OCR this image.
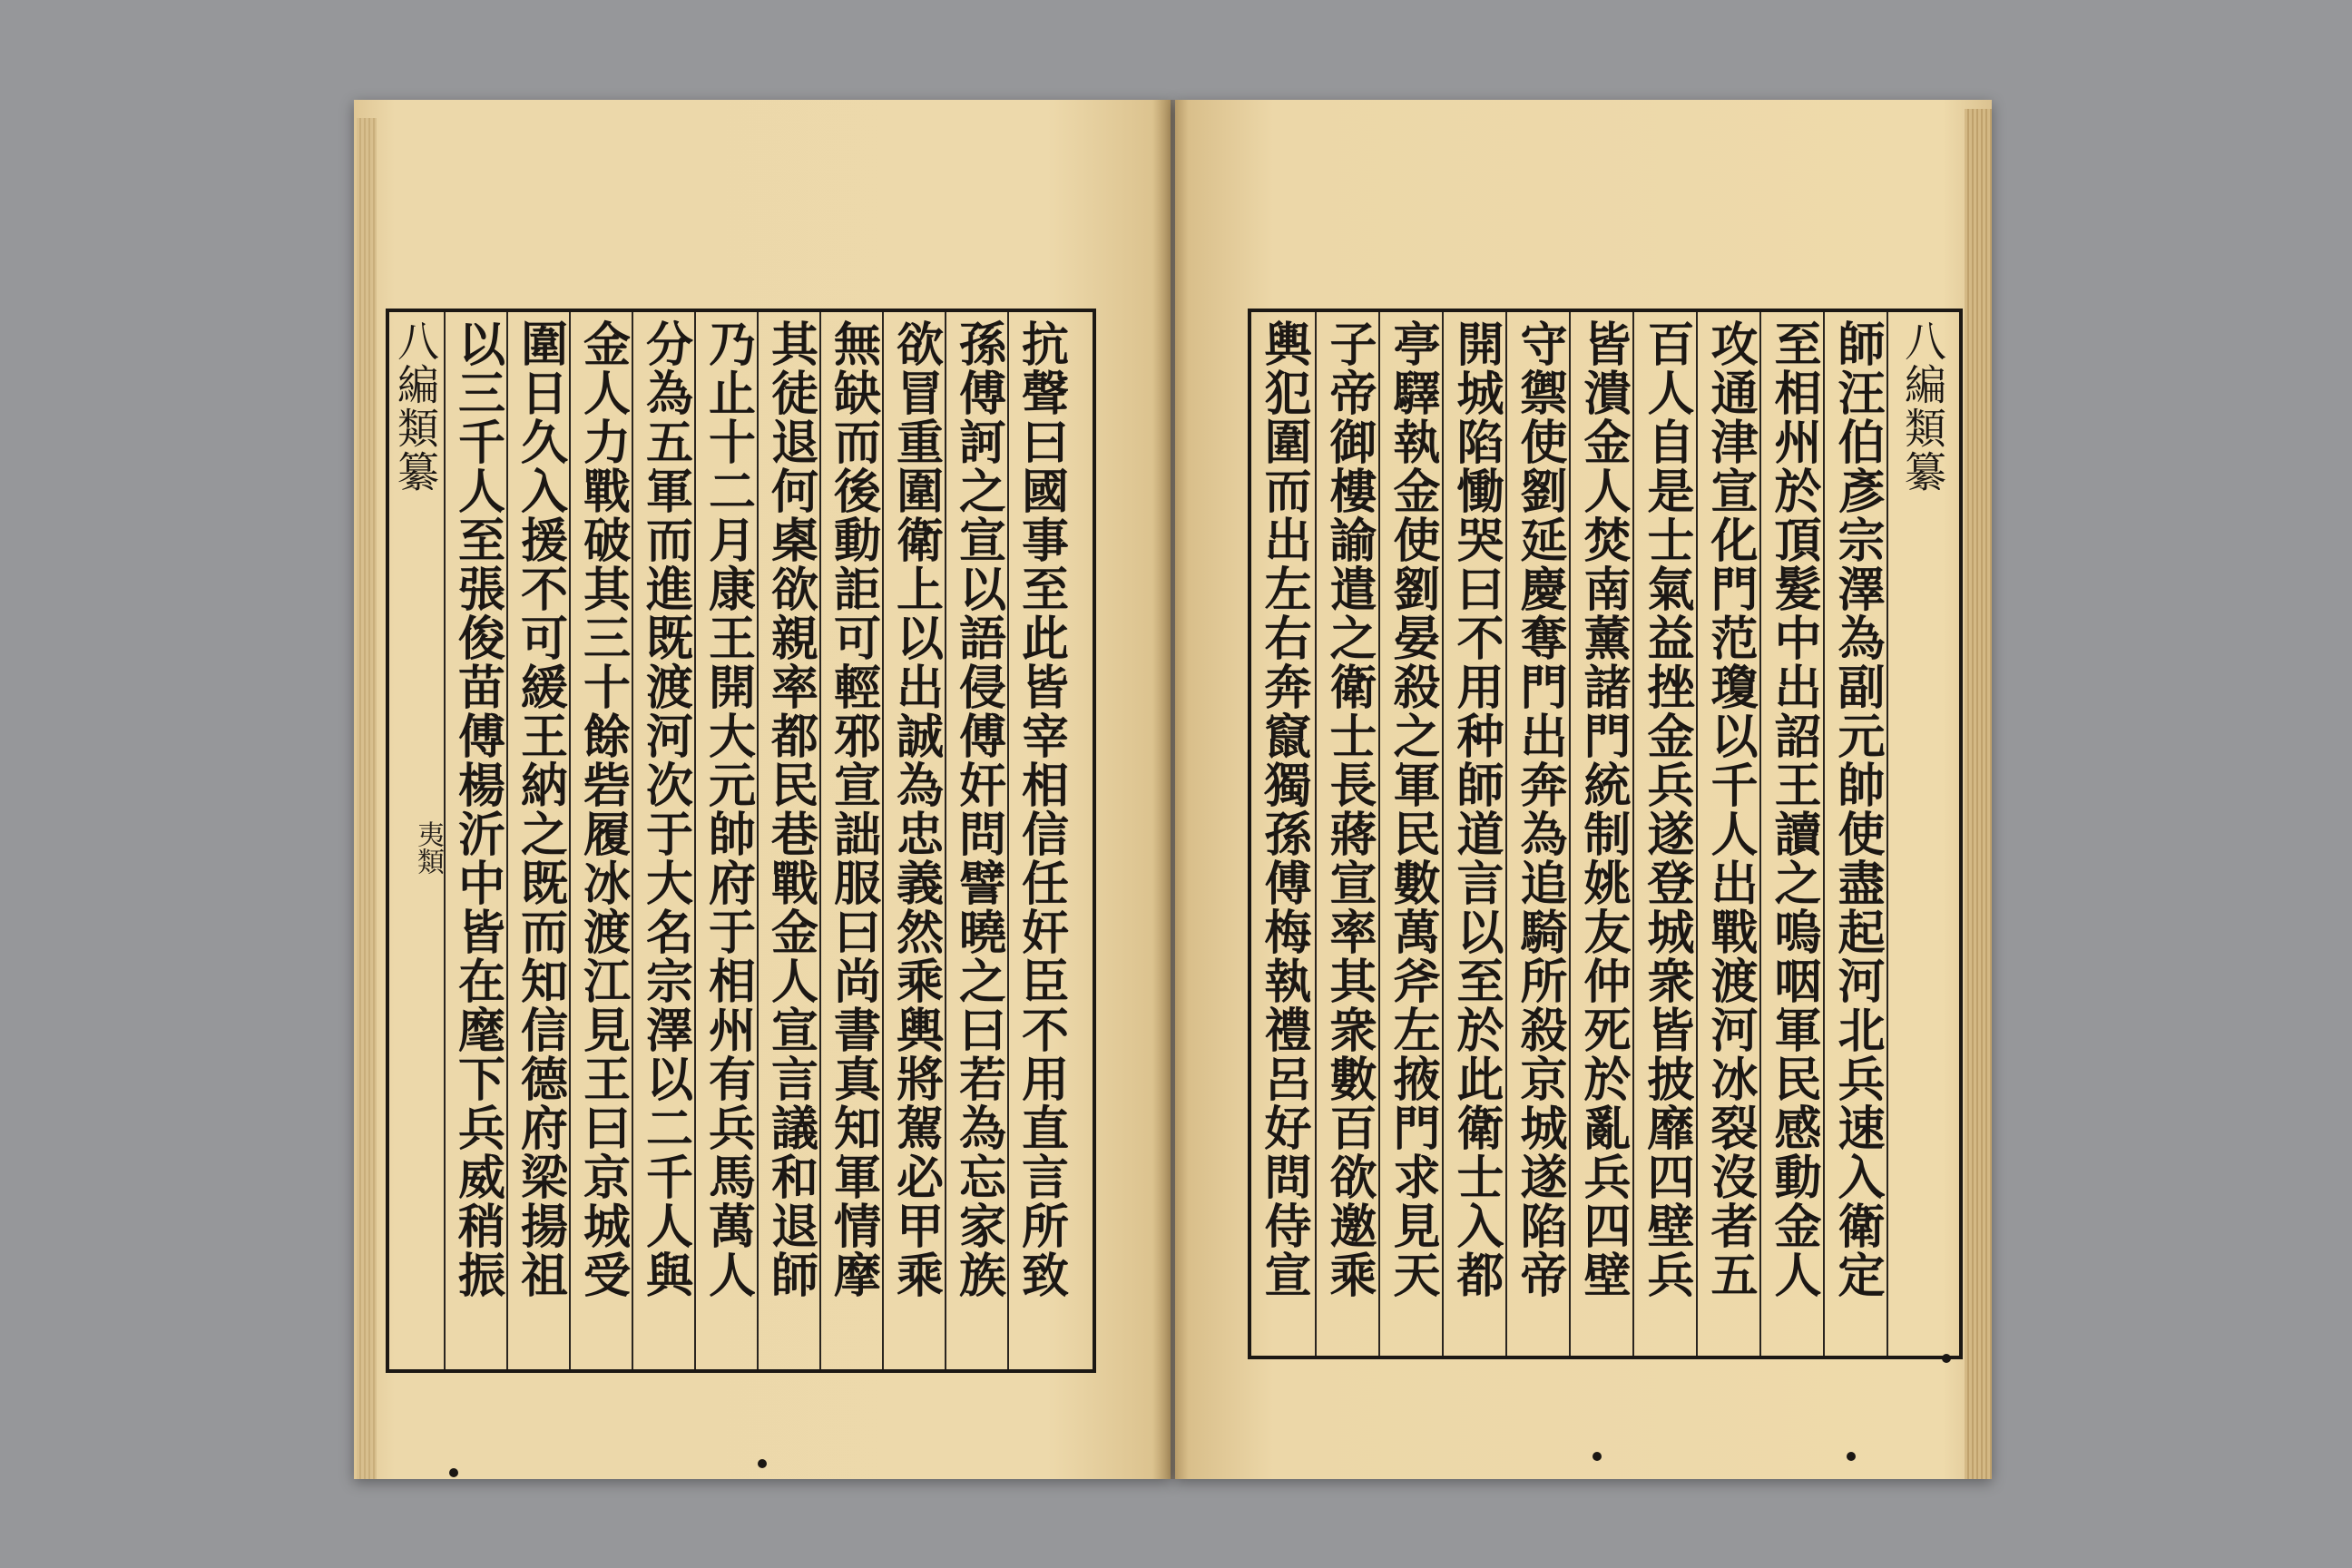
八編類纂
夷類 以三千人至張俊苗傅楊沂中皆在麾下兵威稍振 圍日久入援不可緩王納之既而知信德府梁揚祖 金人力戰破其三十餘砦履冰渡江見王曰京城受 分為五軍而進既渡河次于大名宗澤以二千人與 乃止十二月康王開大元帥府于相州有兵馬萬人 其徒退何㮚欲親率都民巷戰金人宣言議和退師 無缺而後動詎可輕邪宣詘服曰尚書真知軍情摩 欲冒重圍衛上以出誠為忠義然乘輿將駕必甲乘 孫傅訶之宣以語侵傅奸問譬曉之曰若為忘家族 抗聲曰國事至此皆宰相信任奸臣不用直言所致	輿犯圍而出左右奔竄獨孫傅梅執禮呂好問侍宣 子帝御樓諭遣之衛士長蔣宣率其衆數百欲邀乘 亭驛執金使劉晏殺之軍民數萬斧左掖門求見天 開城陷慟哭曰不用种師道言以至於此衛士入都 守禦使劉延慶奪門出奔為追騎所殺京城遂陷帝 皆潰金人焚南薰諸門統制姚友仲死於亂兵四壁 百人自是士氣益挫金兵遂登城衆皆披靡四壁兵 攻通津宣化門范瓊以千人出戰渡河冰裂沒者五 至相州於頂髮中出詔王讀之嗚咽軍民感動金人 師汪伯彥宗澤為副元帥使盡起河北兵速入衛定 八編類纂
